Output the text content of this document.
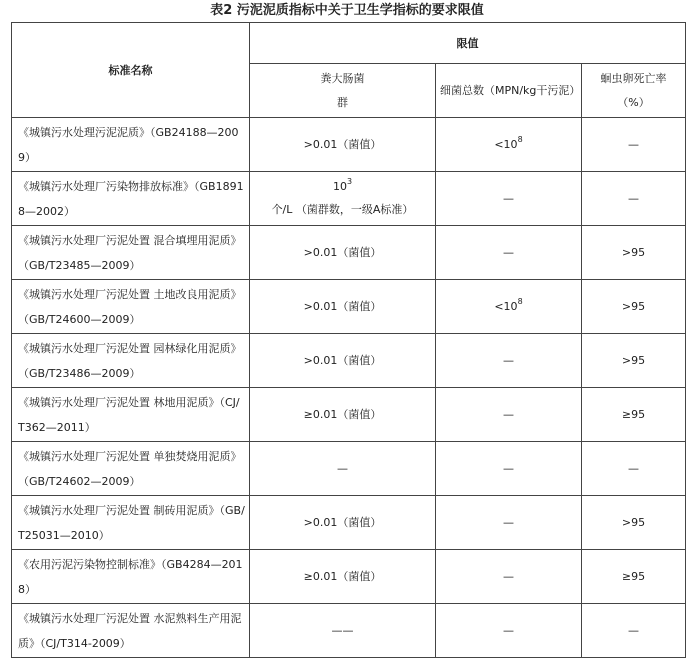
表2 污泥泥质指标中关于卫生学指标的要求限值
标准名称	限值		

	粪大肠菌群	细菌总数（MPN/kg干污泥）	蛔虫卵死亡率（%）

《城镇污水处理污泥泥质》（GB24188—2009）	>0.01（菌值）	$<10^8$	—
《城镇污水处理厂污染物排放标准》（GB18918—2002）	$10^3$个/L （菌群数，一级A标准）	—	—
《城镇污水处理厂污泥处置 混合填埋用泥质》（GB/T23485—2009）	>0.01（菌值）	—	>95
《城镇污水处理厂污泥处置 土地改良用泥质》（GB/T24600—2009）	>0.01（菌值）	$<10^8$	>95
《城镇污水处理厂污泥处置 园林绿化用泥质》（GB/T23486—2009）	>0.01（菌值）	—	>95
《城镇污水处理厂污泥处置 林地用泥质》（CJ/T362—2011）	≥0.01（菌值）	—	≥95
《城镇污水处理厂污泥处置 单独焚烧用泥质》（GB/T24602—2009）	—	—	—
《城镇污水处理厂污泥处置 制砖用泥质》（GB/T25031—2010）	>0.01（菌值）	—	>95
《农用污泥污染物控制标准》（GB4284—2018）	≥0.01（菌值）	—	≥95
《城镇污水处理厂污泥处置 水泥熟料生产用泥质》（CJ/T314-2009）	——	—	—
